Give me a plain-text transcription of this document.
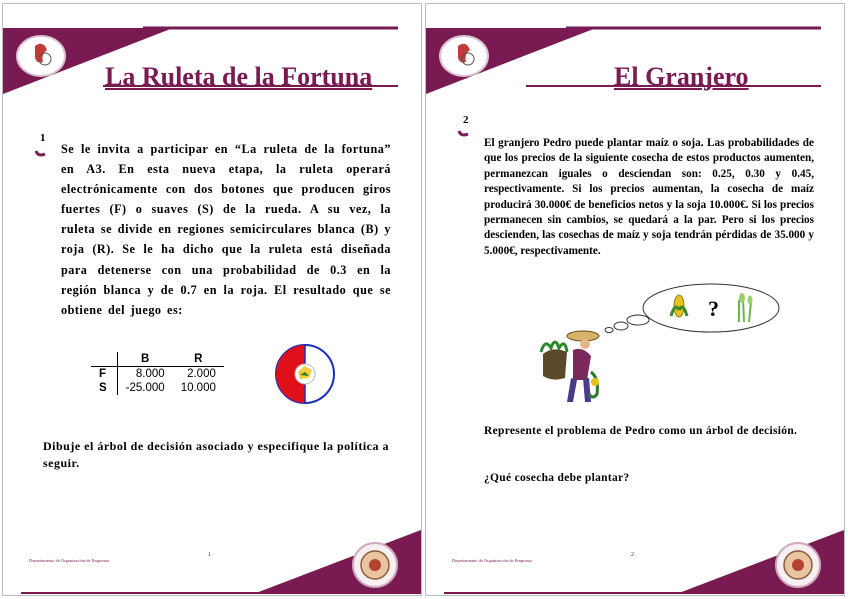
La Ruleta de la Fortuna
1
Se le invita a participar en “La ruleta de la fortuna” en A3. En esta nueva etapa, la ruleta operará electrónicamente con dos botones que producen giros fuertes (F) o suaves (S) de la rueda. A su vez, la ruleta se divide en regiones semicirculares blanca (B) y roja (R). Se le ha dicho que la ruleta está diseñada para detenerse con una probabilidad de 0.3 en la región blanca y de 0.7 en la roja. El resultado que se obtiene del juego es:
	B	R
F	8.000	2.000
S	-25.000	10.000
Dibuje el árbol de decisión asociado y especifique la política a seguir.
1
Departamento de Organización de Empresas
El Granjero
2
El granjero Pedro puede plantar maíz o soja. Las probabilidades de que los precios de la siguiente cosecha de estos productos aumenten, permanezcan iguales o desciendan son: 0.25, 0.30 y 0.45, respectivamente. Si los precios aumentan, la cosecha de maíz producirá 30.000€ de beneficios netos y la soja 10.000€. Si los precios permanecen sin cambios, se quedará a la par. Pero si los precios descienden, las cosechas de maíz y soja tendrán pérdidas de 35.000 y 5.000€, respectivamente.
?
Represente el problema de Pedro como un árbol de decisión.
¿Qué cosecha debe plantar?
2
Departamento de Organización de Empresas
